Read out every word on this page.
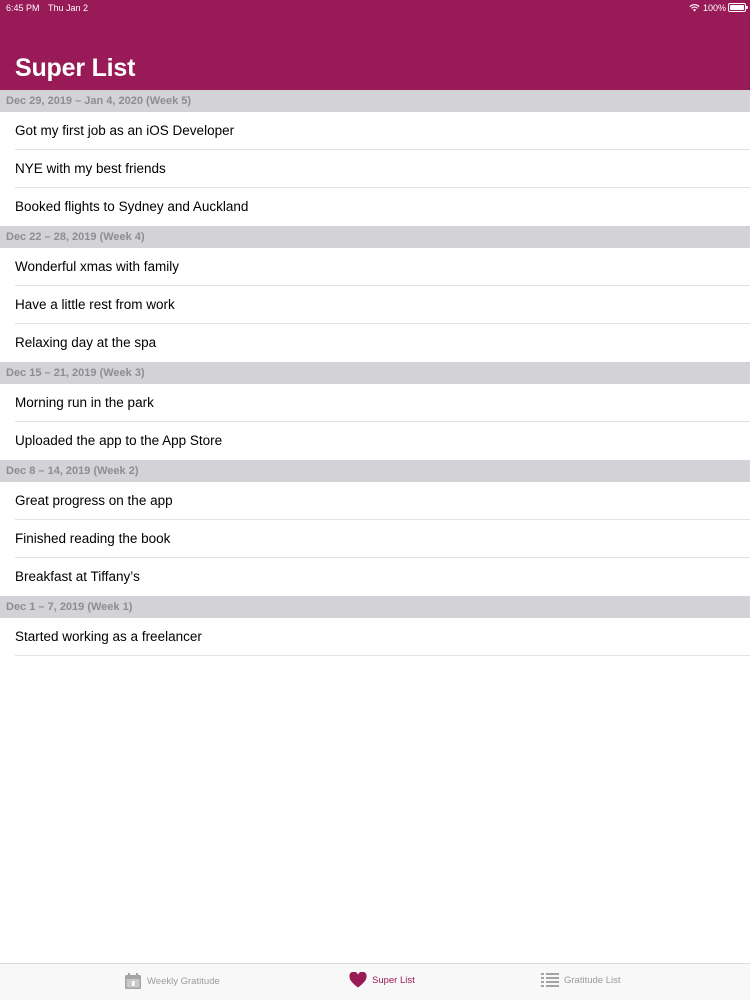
6:45 PM Thu Jan 2	100%
Super List
Dec 29, 2019 – Jan 4, 2020 (Week 5)
Got my first job as an iOS Developer
NYE with my best friends
Booked flights to Sydney and Auckland
Dec 22 – 28, 2019 (Week 4)
Wonderful xmas with family
Have a little rest from work
Relaxing day at the spa
Dec 15 – 21, 2019 (Week 3)
Morning run in the park
Uploaded the app to the App Store
Dec 8 – 14, 2019 (Week 2)
Great progress on the app
Finished reading the book
Breakfast at Tiffany’s
Dec 1 – 7, 2019 (Week 1)
Started working as a freelancer
Weekly Gratitude	Super List	Gratitude List
